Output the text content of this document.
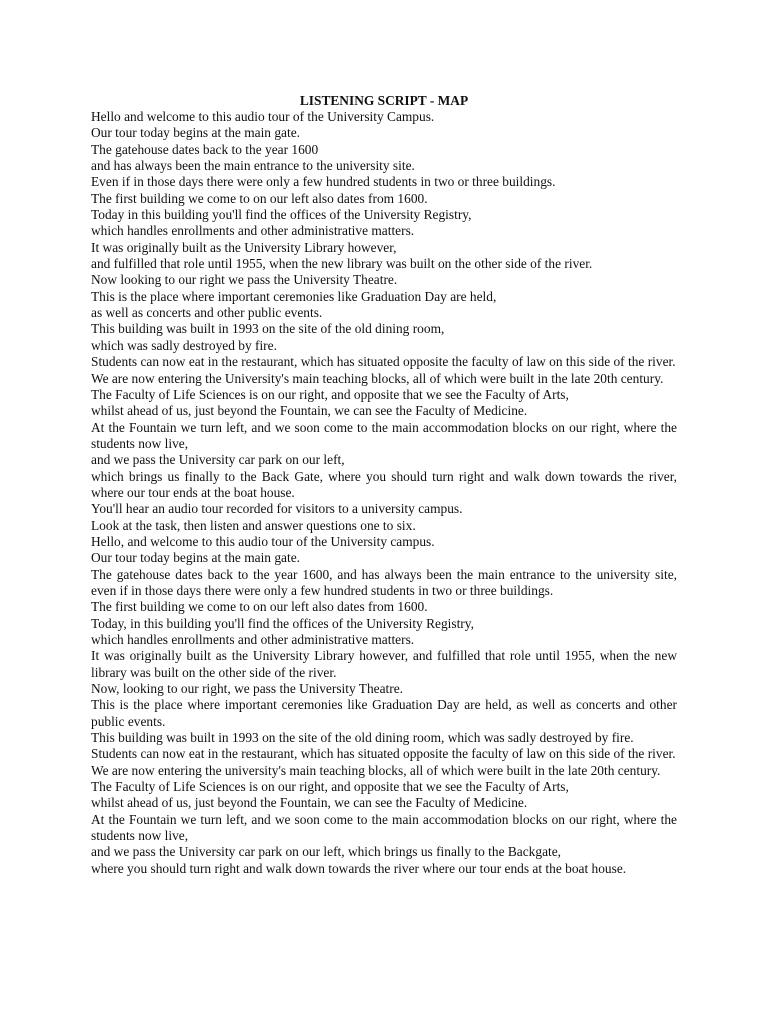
LISTENING SCRIPT - MAP

Hello and welcome to this audio tour of the University Campus.

Our tour today begins at the main gate.

The gatehouse dates back to the year 1600

and has always been the main entrance to the university site.

Even if in those days there were only a few hundred students in two or three buildings.

The first building we come to on our left also dates from 1600.

Today in this building you'll find the offices of the University Registry,

which handles enrollments and other administrative matters.

It was originally built as the University Library however,

and fulfilled that role until 1955, when the new library was built on the other side of the river.

Now looking to our right we pass the University Theatre.

This is the place where important ceremonies like Graduation Day are held,

as well as concerts and other public events.

This building was built in 1993 on the site of the old dining room,

which was sadly destroyed by fire.

Students can now eat in the restaurant, which has situated opposite the faculty of law on this side of the river.

We are now entering the University's main teaching blocks, all of which were built in the late 20th century.

The Faculty of Life Sciences is on our right, and opposite that we see the Faculty of Arts,

whilst ahead of us, just beyond the Fountain, we can see the Faculty of Medicine.

At the Fountain we turn left, and we soon come to the main accommodation blocks on our right, where the students now live,

and we pass the University car park on our left,

which brings us finally to the Back Gate, where you should turn right and walk down towards the river, where our tour ends at the boat house.

You'll hear an audio tour recorded for visitors to a university campus.

Look at the task, then listen and answer questions one to six.

Hello, and welcome to this audio tour of the University campus.

Our tour today begins at the main gate.

The gatehouse dates back to the year 1600, and has always been the main entrance to the university site, even if in those days there were only a few hundred students in two or three buildings.

The first building we come to on our left also dates from 1600.

Today, in this building you'll find the offices of the University Registry,

which handles enrollments and other administrative matters.

It was originally built as the University Library however, and fulfilled that role until 1955, when the new library was built on the other side of the river.

Now, looking to our right, we pass the University Theatre.

This is the place where important ceremonies like Graduation Day are held, as well as concerts and other public events.

This building was built in 1993 on the site of the old dining room, which was sadly destroyed by fire.

Students can now eat in the restaurant, which has situated opposite the faculty of law on this side of the river.

We are now entering the university's main teaching blocks, all of which were built in the late 20th century.

The Faculty of Life Sciences is on our right, and opposite that we see the Faculty of Arts,

whilst ahead of us, just beyond the Fountain, we can see the Faculty of Medicine.

At the Fountain we turn left, and we soon come to the main accommodation blocks on our right, where the students now live,

and we pass the University car park on our left, which brings us finally to the Backgate,

where you should turn right and walk down towards the river where our tour ends at the boat house.
